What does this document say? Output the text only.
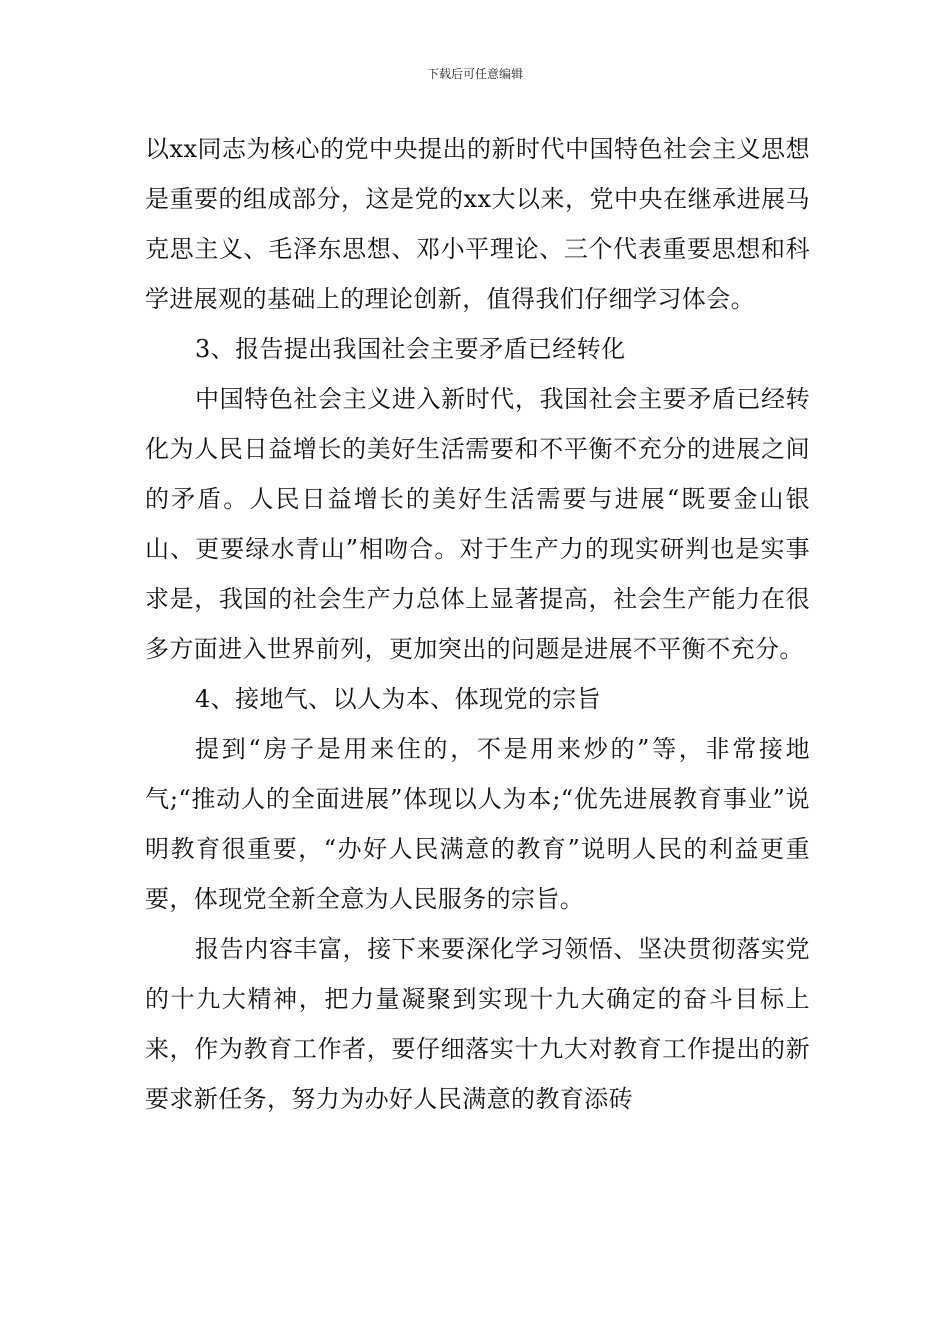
下载后可任意编辑

以xx同志为核心的党中央提出的新时代中国特色社会主义思想是重要的组成部分，这是党的xx大以来，党中央在继承进展马克思主义、毛泽东思想、邓小平理论、三个代表重要思想和科学进展观的基础上的理论创新，值得我们仔细学习体会。

3、报告提出我国社会主要矛盾已经转化

中国特色社会主义进入新时代，我国社会主要矛盾已经转化为人民日益增长的美好生活需要和不平衡不充分的进展之间的矛盾。人民日益增长的美好生活需要与进展“既要金山银山、更要绿水青山”相吻合。对于生产力的现实研判也是实事求是，我国的社会生产力总体上显著提高，社会生产能力在很多方面进入世界前列，更加突出的问题是进展不平衡不充分。

4、接地气、以人为本、体现党的宗旨

提到“房子是用来住的，不是用来炒的”等，非常接地气;“推动人的全面进展”体现以人为本;“优先进展教育事业”说明教育很重要，“办好人民满意的教育”说明人民的利益更重要，体现党全新全意为人民服务的宗旨。

报告内容丰富，接下来要深化学习领悟、坚决贯彻落实党的十九大精神，把力量凝聚到实现十九大确定的奋斗目标上来，作为教育工作者，要仔细落实十九大对教育工作提出的新要求新任务，努力为办好人民满意的教育添砖
